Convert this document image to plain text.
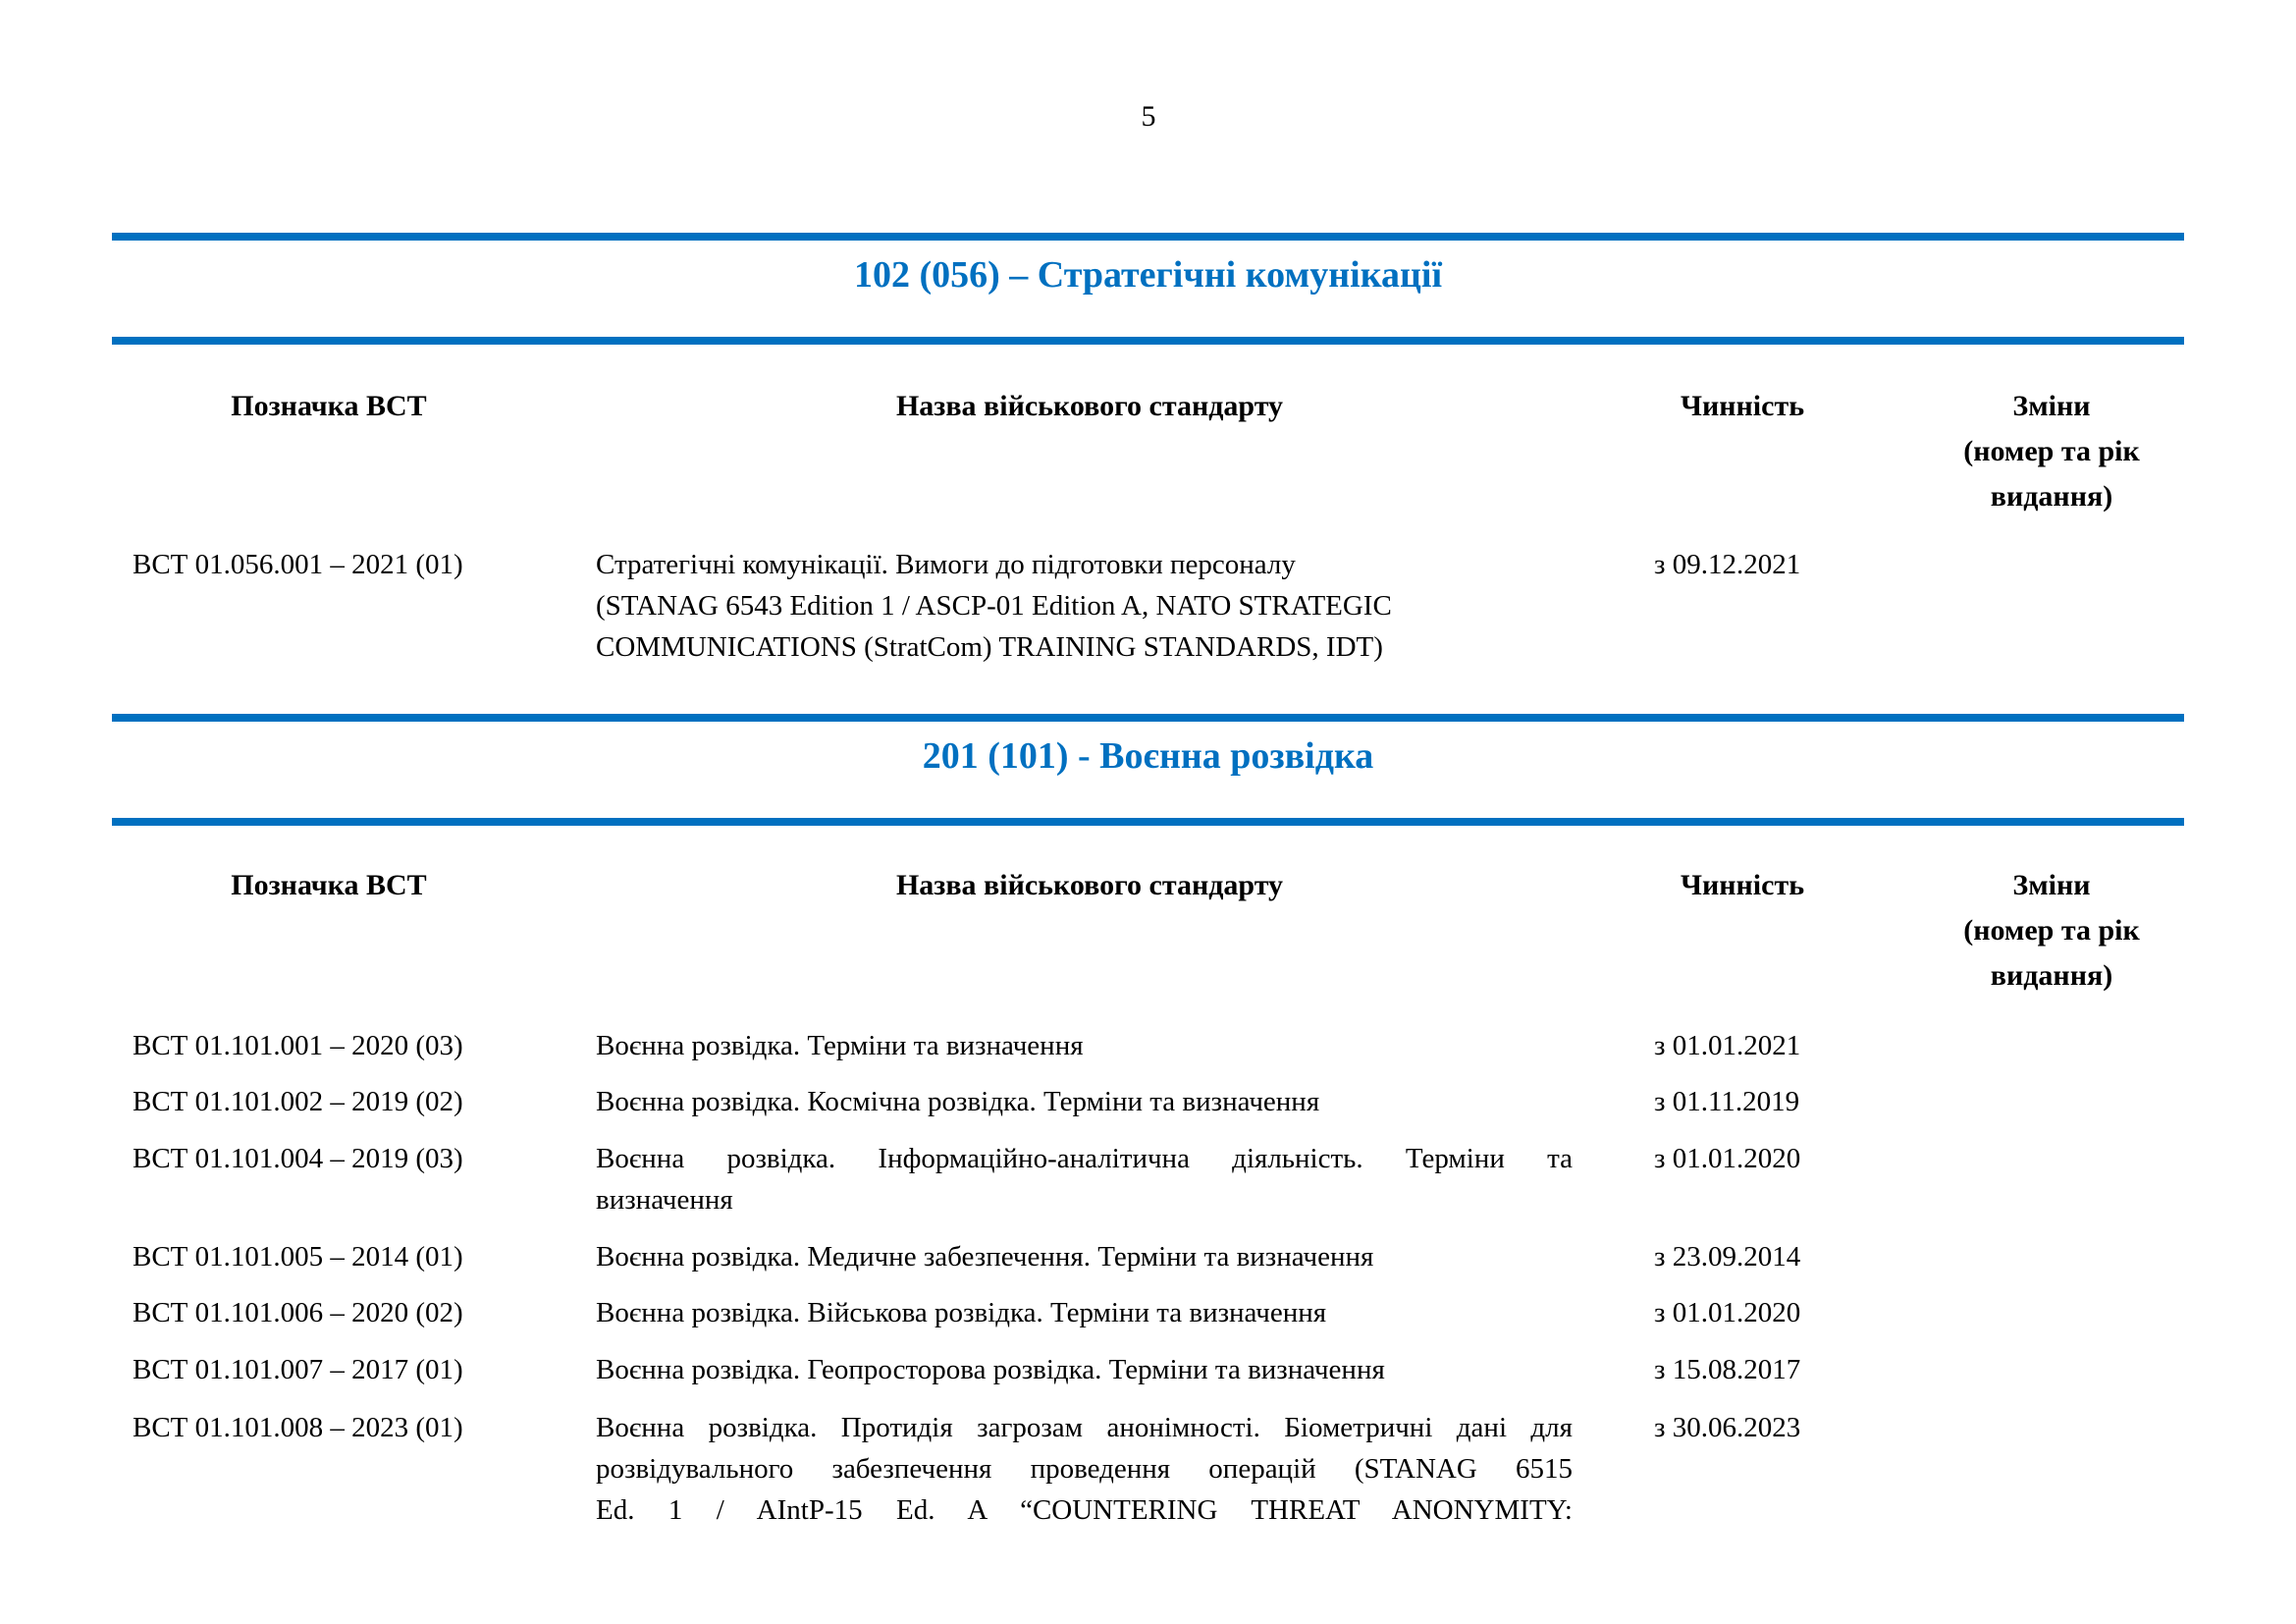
5
102 (056) – Стратегічні комунікації
Позначка ВСТ	Назва військового стандарту	Чинність	Зміни
(номер та рік
видання)
ВСТ 01.056.001 – 2021 (01)	Стратегічні комунікації. Вимоги до підготовки персоналу
(STANAG 6543 Edition 1 / ASCP-01 Edition A, NATO STRATEGIC
COMMUNICATIONS (StratCom) TRAINING STANDARDS, IDT)
з 09.12.2021
201 (101) - Воєнна розвідка
Позначка ВСТ	Назва військового стандарту	Чинність	Зміни
(номер та рік
видання)
ВСТ 01.101.001 – 2020 (03)	Воєнна розвідка. Терміни та визначення	з 01.01.2021
ВСТ 01.101.002 – 2019 (02)	Воєнна розвідка. Космічна розвідка. Терміни та визначення	з 01.11.2019
ВСТ 01.101.004 – 2019 (03)	Воєнна розвідка. Інформаційно-аналітична діяльність. Терміни та
визначення
з 01.01.2020
ВСТ 01.101.005 – 2014 (01)	Воєнна розвідка. Медичне забезпечення. Терміни та визначення	з 23.09.2014
ВСТ 01.101.006 – 2020 (02)	Воєнна розвідка. Військова розвідка. Терміни та визначення	з 01.01.2020
ВСТ 01.101.007 – 2017 (01)	Воєнна розвідка. Геопросторова розвідка. Терміни та визначення	з 15.08.2017
ВСТ 01.101.008 – 2023 (01)	Воєнна розвідка. Протидія загрозам анонімності. Біометричні дані для
розвідувального забезпечення проведення операцій (STANAG 6515
Ed. 1 / AIntP-15 Ed. A “COUNTERING THREAT ANONYMITY:
з 30.06.2023
